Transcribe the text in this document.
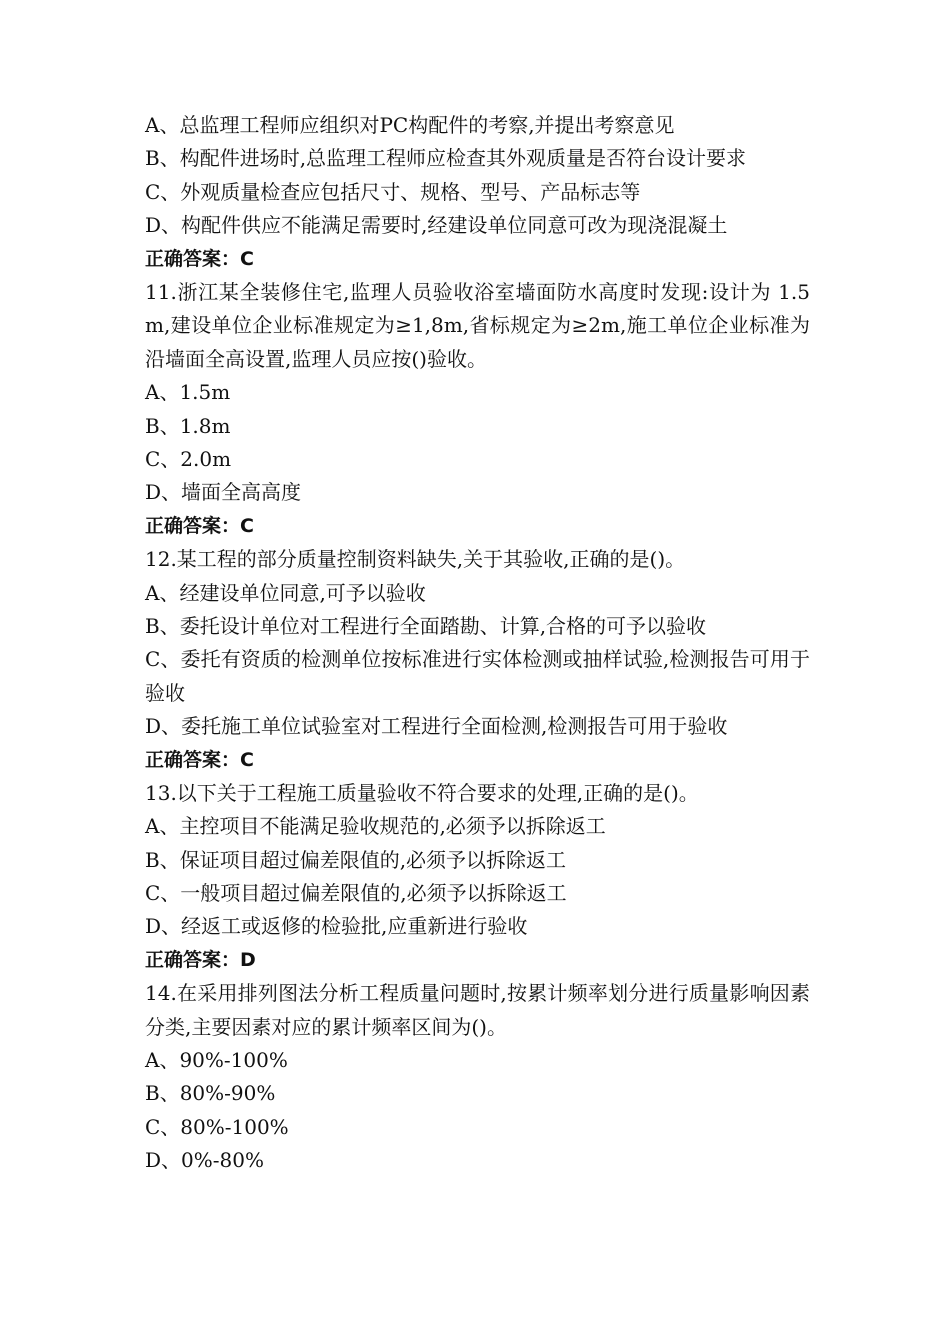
A、总监理工程师应组织对PC构配件的考察,并提出考察意见
B、构配件进场时,总监理工程师应检查其外观质量是否符台设计要求
C、外观质量检查应包括尺寸、规格、型号、产品标志等
D、构配件供应不能满足需要时,经建设单位同意可改为现浇混凝土
正确答案：C
11.浙江某全装修住宅,监理人员验收浴室墙面防水高度时发现:设计为 1.5m,建设单位企业标准规定为≥1,8m,省标规定为≥2m,施工单位企业标准为沿墙面全高设置,监理人员应按()验收。
A、1.5m
B、1.8m
C、2.0m
D、墙面全高高度
正确答案：C
12.某工程的部分质量控制资料缺失,关于其验收,正确的是()。
A、经建设单位同意,可予以验收
B、委托设计单位对工程进行全面踏勘、计算,合格的可予以验收
C、委托有资质的检测单位按标准进行实体检测或抽样试验,检测报告可用于验收
D、委托施工单位试验室对工程进行全面检测,检测报告可用于验收
正确答案：C
13.以下关于工程施工质量验收不符合要求的处理,正确的是()。
A、主控项目不能满足验收规范的,必须予以拆除返工
B、保证项目超过偏差限值的,必须予以拆除返工
C、一般项目超过偏差限值的,必须予以拆除返工
D、经返工或返修的检验批,应重新进行验收
正确答案：D
14.在采用排列图法分析工程质量问题时,按累计频率划分进行质量影响因素分类,主要因素对应的累计频率区间为()。
A、90%-100%
B、80%-90%
C、80%-100%
D、0%-80%
